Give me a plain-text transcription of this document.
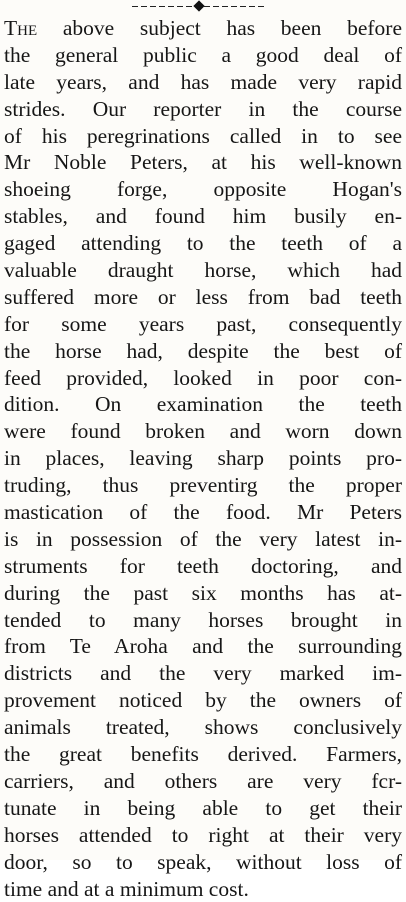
The above subject has been before
the general public a good deal of
late years, and has made very rapid
strides. Our reporter in the course
of his peregrinations called in to see
Mr Noble Peters, at his well-known
shoeing forge, opposite Hogan's
stables, and found him busily en-
gaged attending to the teeth of a
valuable draught horse, which had
suffered more or less from bad teeth
for some years past, consequently
the horse had, despite the best of
feed provided, looked in poor con-
dition. On examination the teeth
were found broken and worn down
in places, leaving sharp points pro-
truding, thus preventirg the proper
mastication of the food. Mr Peters
is in possession of the very latest in-
struments for teeth doctoring, and
during the past six months has at-
tended to many horses brought in
from Te Aroha and the surrounding
districts and the very marked im-
provement noticed by the owners of
animals treated, shows conclusively
the great benefits derived. Farmers,
carriers, and others are very fcr-
tunate in being able to get their
horses attended to right at their very
door, so to speak, without loss of
time and at a minimum cost.
